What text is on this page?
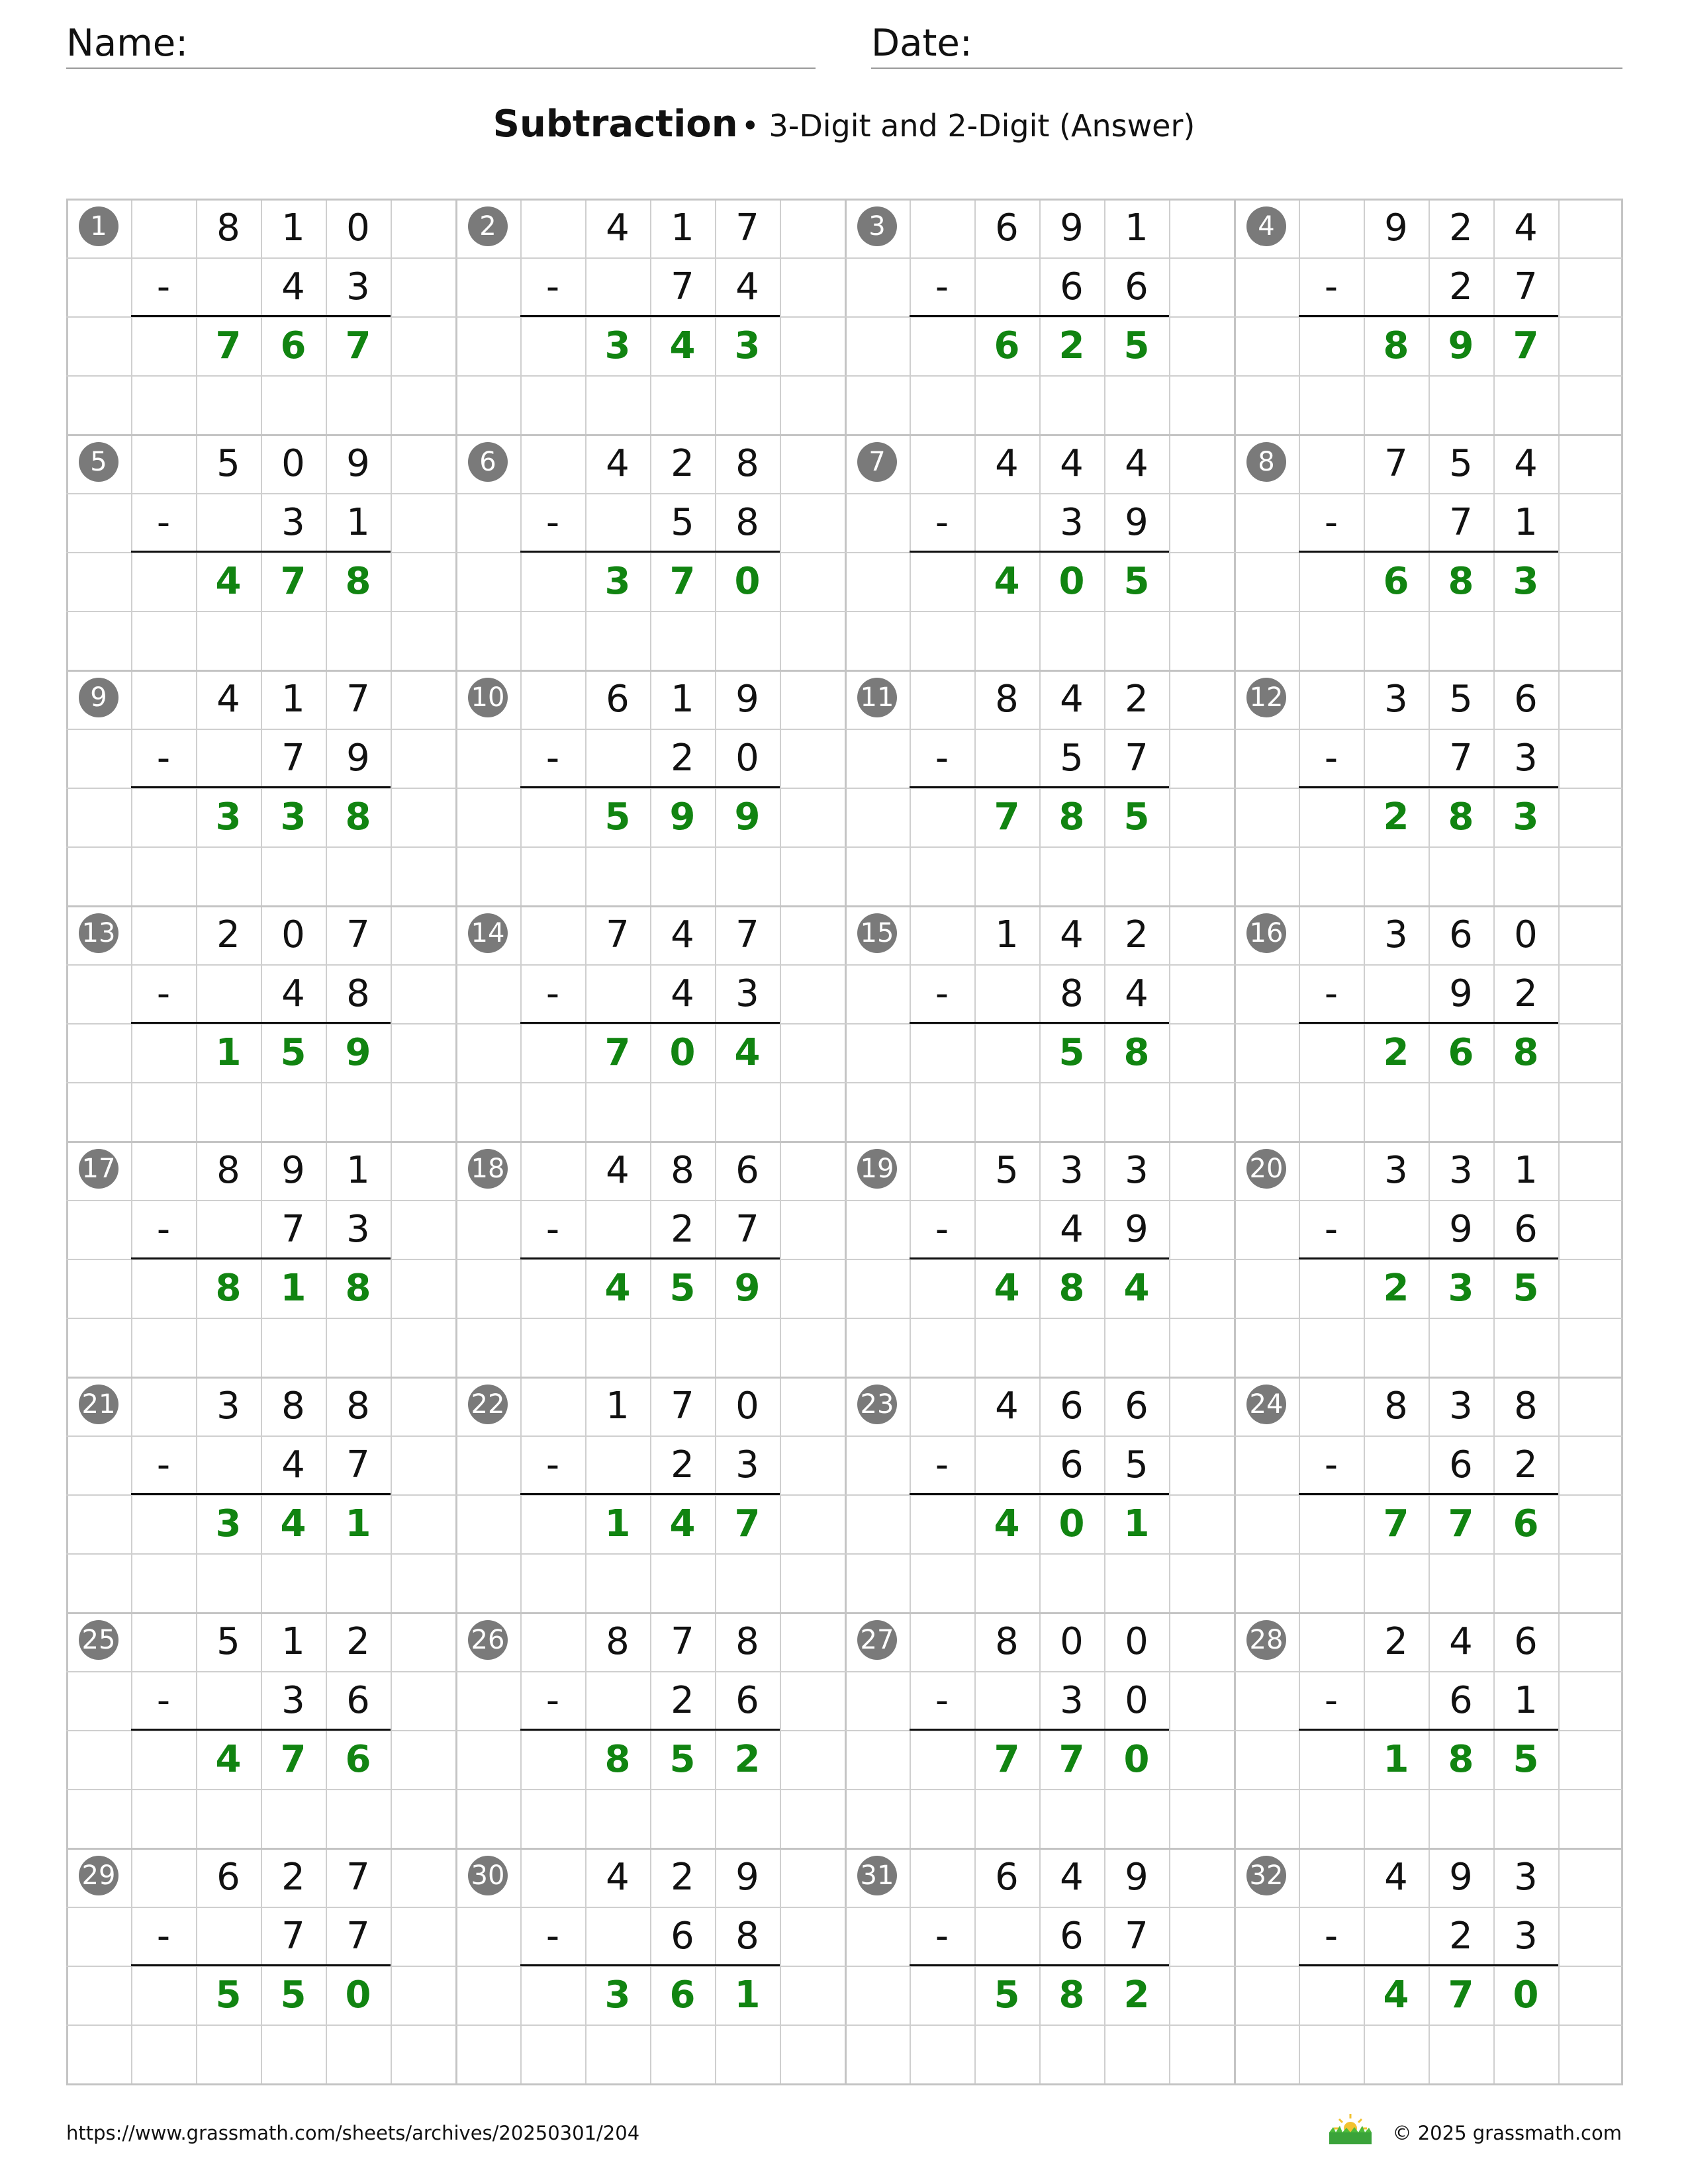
Name:	Date:
Subtraction • 3-Digit and 2-Digit (Answer)
1	8	1	0
-	4	3
7	6	7
2	4	1	7
-	7	4
3	4	3
3	6	9	1
-	6	6
6	2	5
4	9	2	4
-	2	7
8	9	7
5	5	0	9
-	3	1
4	7	8
6	4	2	8
-	5	8
3	7	0
7	4	4	4
-	3	9
4	0	5
8	7	5	4
-	7	1
6	8	3
9	4	1	7
-	7	9
3	3	8
10	6	1	9
-	2	0
5	9	9
11	8	4	2
-	5	7
7	8	5
12	3	5	6
-	7	3
2	8	3
13	2	0	7
-	4	8
1	5	9
14	7	4	7
-	4	3
7	0	4
15	1	4	2
-	8	4
5	8
16	3	6	0
-	9	2
2	6	8
17	8	9	1
-	7	3
8	1	8
18	4	8	6
-	2	7
4	5	9
19	5	3	3
-	4	9
4	8	4
20	3	3	1
-	9	6
2	3	5
21	3	8	8
-	4	7
3	4	1
22	1	7	0
-	2	3
1	4	7
23	4	6	6
-	6	5
4	0	1
24	8	3	8
-	6	2
7	7	6
25	5	1	2
-	3	6
4	7	6
26	8	7	8
-	2	6
8	5	2
27	8	0	0
-	3	0
7	7	0
28	2	4	6
-	6	1
1	8	5
29	6	2	7
-	7	7
5	5	0
30	4	2	9
-	6	8
3	6	1
31	6	4	9
-	6	7
5	8	2
32	4	9	3
-	2	3
4	7	0
https://www.grassmath.com/sheets/archives/20250301/204	© 2025 grassmath.com
